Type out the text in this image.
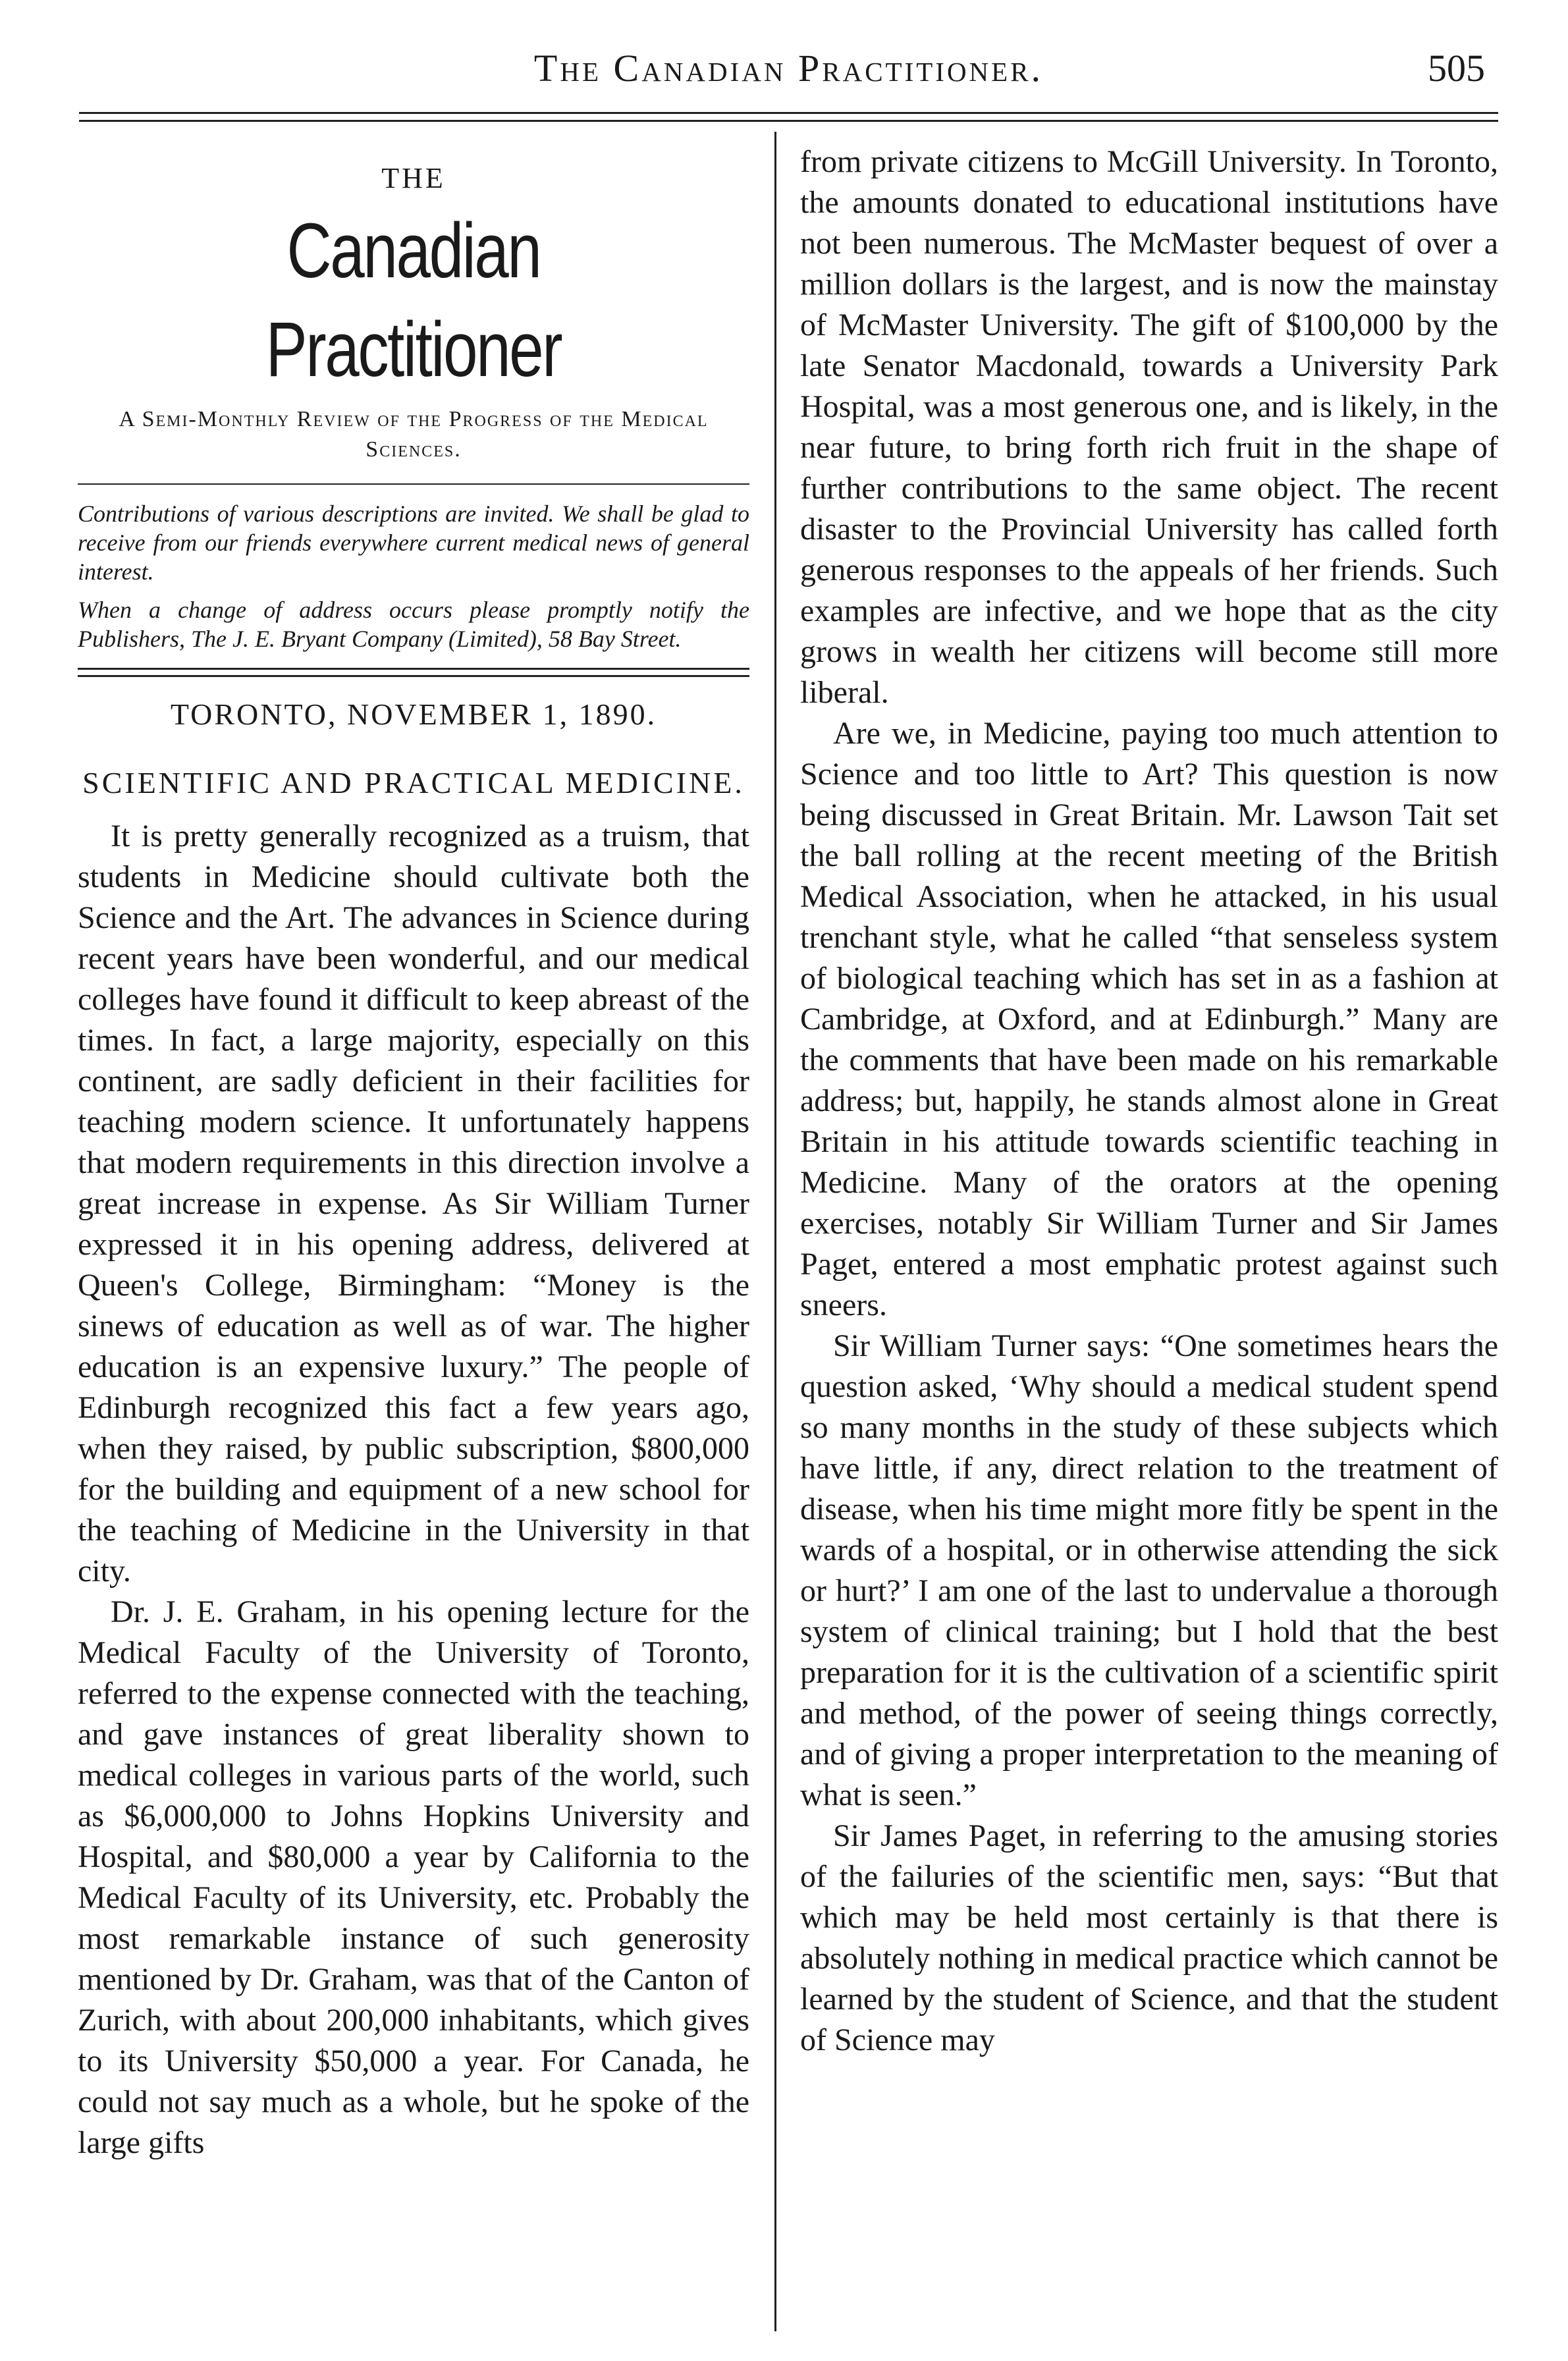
The Canadian Practitioner.	505
THE
Canadian Practitioner
A Semi-Monthly Review of the Progress of the Medical Sciences.

Contributions of various descriptions are invited. We shall be glad to receive from our friends everywhere current medical news of general interest.

When a change of address occurs please promptly notify the Publishers, The J. E. Bryant Company (Limited), 58 Bay Street.

TORONTO, NOVEMBER 1, 1890.
SCIENTIFIC AND PRACTICAL MEDICINE.

It is pretty generally recognized as a truism, that students in Medicine should cultivate both the Science and the Art. The advances in Science during recent years have been wonderful, and our medical colleges have found it difficult to keep abreast of the times. In fact, a large majority, especially on this continent, are sadly deficient in their facilities for teaching modern science. It unfortunately happens that modern requirements in this direction involve a great increase in expense. As Sir William Turner expressed it in his opening address, delivered at Queen's College, Birmingham: “Money is the sinews of education as well as of war. The higher education is an expensive luxury.” The people of Edinburgh recognized this fact a few years ago, when they raised, by public subscription, $800,000 for the building and equipment of a new school for the teaching of Medicine in the University in that city.

Dr. J. E. Graham, in his opening lecture for the Medical Faculty of the University of Toronto, referred to the expense connected with the teaching, and gave instances of great liberality shown to medical colleges in various parts of the world, such as $6,000,000 to Johns Hopkins University and Hospital, and $80,000 a year by California to the Medical Faculty of its University, etc. Probably the most remarkable instance of such generosity mentioned by Dr. Graham, was that of the Canton of Zurich, with about 200,000 inhabitants, which gives to its University $50,000 a year. For Canada, he could not say much as a whole, but he spoke of the large gifts

from private citizens to McGill University. In Toronto, the amounts donated to educational institutions have not been numerous. The McMaster bequest of over a million dollars is the largest, and is now the mainstay of McMaster University. The gift of $100,000 by the late Senator Macdonald, towards a University Park Hospital, was a most generous one, and is likely, in the near future, to bring forth rich fruit in the shape of further contributions to the same object. The recent disaster to the Provincial University has called forth generous responses to the appeals of her friends. Such examples are infective, and we hope that as the city grows in wealth her citizens will become still more liberal.

Are we, in Medicine, paying too much attention to Science and too little to Art? This question is now being discussed in Great Britain. Mr. Lawson Tait set the ball rolling at the recent meeting of the British Medical Association, when he attacked, in his usual trenchant style, what he called “that senseless system of biological teaching which has set in as a fashion at Cambridge, at Oxford, and at Edinburgh.” Many are the comments that have been made on his remarkable address; but, happily, he stands almost alone in Great Britain in his attitude towards scientific teaching in Medicine. Many of the orators at the opening exercises, notably Sir William Turner and Sir James Paget, entered a most emphatic protest against such sneers.

Sir William Turner says: “One sometimes hears the question asked, ‘Why should a medical student spend so many months in the study of these subjects which have little, if any, direct relation to the treatment of disease, when his time might more fitly be spent in the wards of a hospital, or in otherwise attending the sick or hurt?’ I am one of the last to undervalue a thorough system of clinical training; but I hold that the best preparation for it is the cultivation of a scientific spirit and method, of the power of seeing things correctly, and of giving a proper interpretation to the meaning of what is seen.”

Sir James Paget, in referring to the amusing stories of the failuries of the scientific men, says: “But that which may be held most certainly is that there is absolutely nothing in medical practice which cannot be learned by the student of Science, and that the student of Science may
